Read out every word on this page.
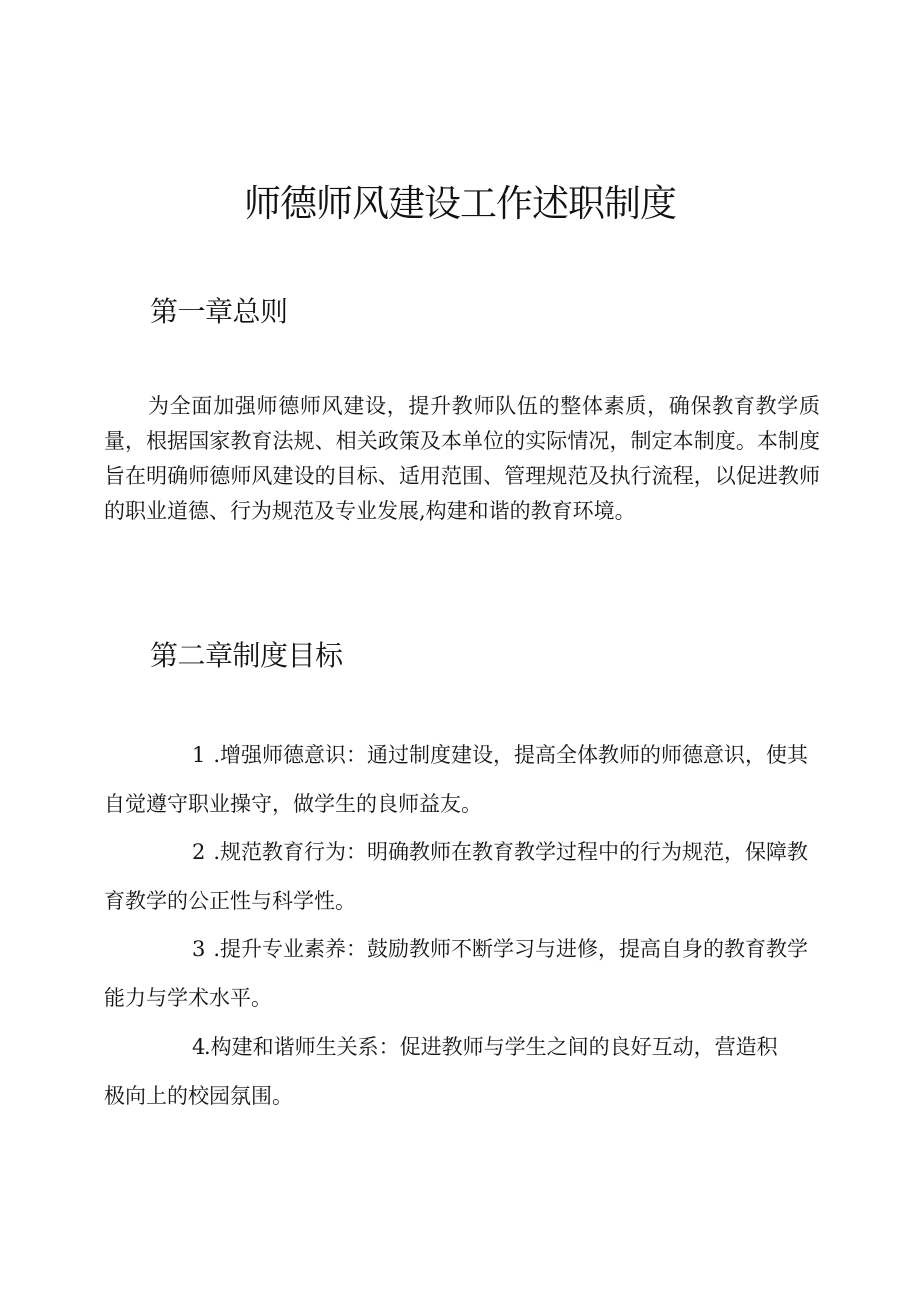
师德师风建设工作述职制度
第一章总则

为全面加强师德师风建设，提升教师队伍的整体素质，确保教育教学质量，根据国家教育法规、相关政策及本单位的实际情况，制定本制度。本制度旨在明确师德师风建设的目标、适用范围、管理规范及执行流程，以促进教师的职业道德、行为规范及专业发展,构建和谐的教育环境。

第二章制度目标

1 .增强师德意识：通过制度建设，提高全体教师的师德意识，使其自觉遵守职业操守，做学生的良师益友。

2 .规范教育行为：明确教师在教育教学过程中的行为规范，保障教育教学的公正性与科学性。

3 .提升专业素养：鼓励教师不断学习与进修，提高自身的教育教学能力与学术水平。

4.构建和谐师生关系：促进教师与学生之间的良好互动，营造积极向上的校园氛围。
